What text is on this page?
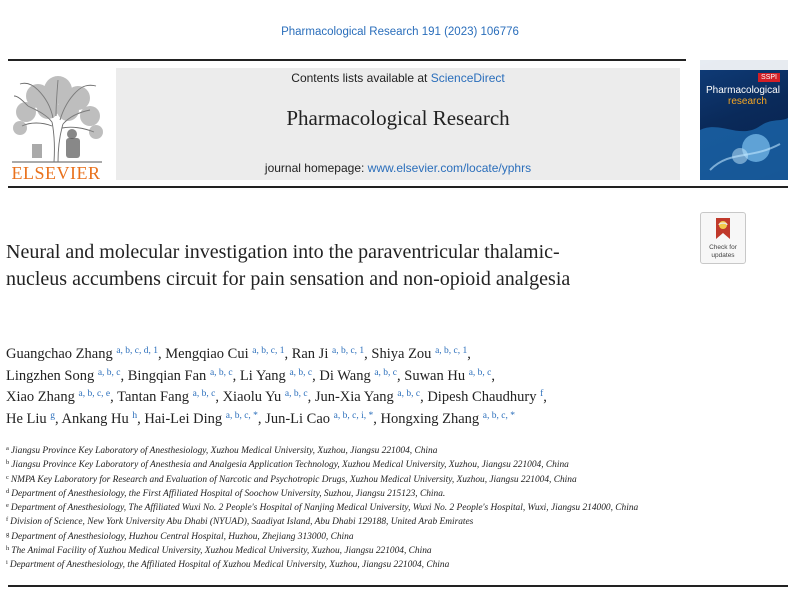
Pharmacological Research 191 (2023) 106776
ELSEVIER
Contents lists available at ScienceDirect
Pharmacological Research
journal homepage: www.elsevier.com/locate/yphrs
SSPI
Pharmacological
research
Check for
updates
Neural and molecular investigation into the paraventricular thalamic-nucleus accumbens circuit for pain sensation and non-opioid analgesia
Guangchao Zhang $^{a, b, c, d, 1}$, Mengqiao Cui $^{a, b, c, 1}$, Ran Ji $^{a, b, c, 1}$, Shiya Zou $^{a, b, c, 1}$,
Lingzhen Song $^{a, b, c}$, Bingqian Fan $^{a, b, c}$, Li Yang $^{a, b, c}$, Di Wang $^{a, b, c}$, Suwan Hu $^{a, b, c}$,
Xiao Zhang $^{a, b, c, e}$, Tantan Fang $^{a, b, c}$, Xiaolu Yu $^{a, b, c}$, Jun-Xia Yang $^{a, b, c}$, Dipesh Chaudhury $^f$,
He Liu $^g$, Ankang Hu $^h$, Hai-Lei Ding $^{a, b, c, *}$, Jun-Li Cao $^{a, b, c, i, *}$, Hongxing Zhang $^{a, b, c, *}$
$^a$ Jiangsu Province Key Laboratory of Anesthesiology, Xuzhou Medical University, Xuzhou, Jiangsu 221004, China
$^b$ Jiangsu Province Key Laboratory of Anesthesia and Analgesia Application Technology, Xuzhou Medical University, Xuzhou, Jiangsu 221004, China
$^c$ NMPA Key Laboratory for Research and Evaluation of Narcotic and Psychotropic Drugs, Xuzhou Medical University, Xuzhou, Jiangsu 221004, China
$^d$ Department of Anesthesiology, the First Affiliated Hospital of Soochow University, Suzhou, Jiangsu 215123, China.
$^e$ Department of Anesthesiology, The Affiliated Wuxi No. 2 People's Hospital of Nanjing Medical University, Wuxi No. 2 People's Hospital, Wuxi, Jiangsu 214000, China
$^f$ Division of Science, New York University Abu Dhabi (NYUAD), Saadiyat Island, Abu Dhabi 129188, United Arab Emirates
$^g$ Department of Anesthesiology, Huzhou Central Hospital, Huzhou, Zhejiang 313000, China
$^h$ The Animal Facility of Xuzhou Medical University, Xuzhou Medical University, Xuzhou, Jiangsu 221004, China
$^i$ Department of Anesthesiology, the Affiliated Hospital of Xuzhou Medical University, Xuzhou, Jiangsu 221004, China
